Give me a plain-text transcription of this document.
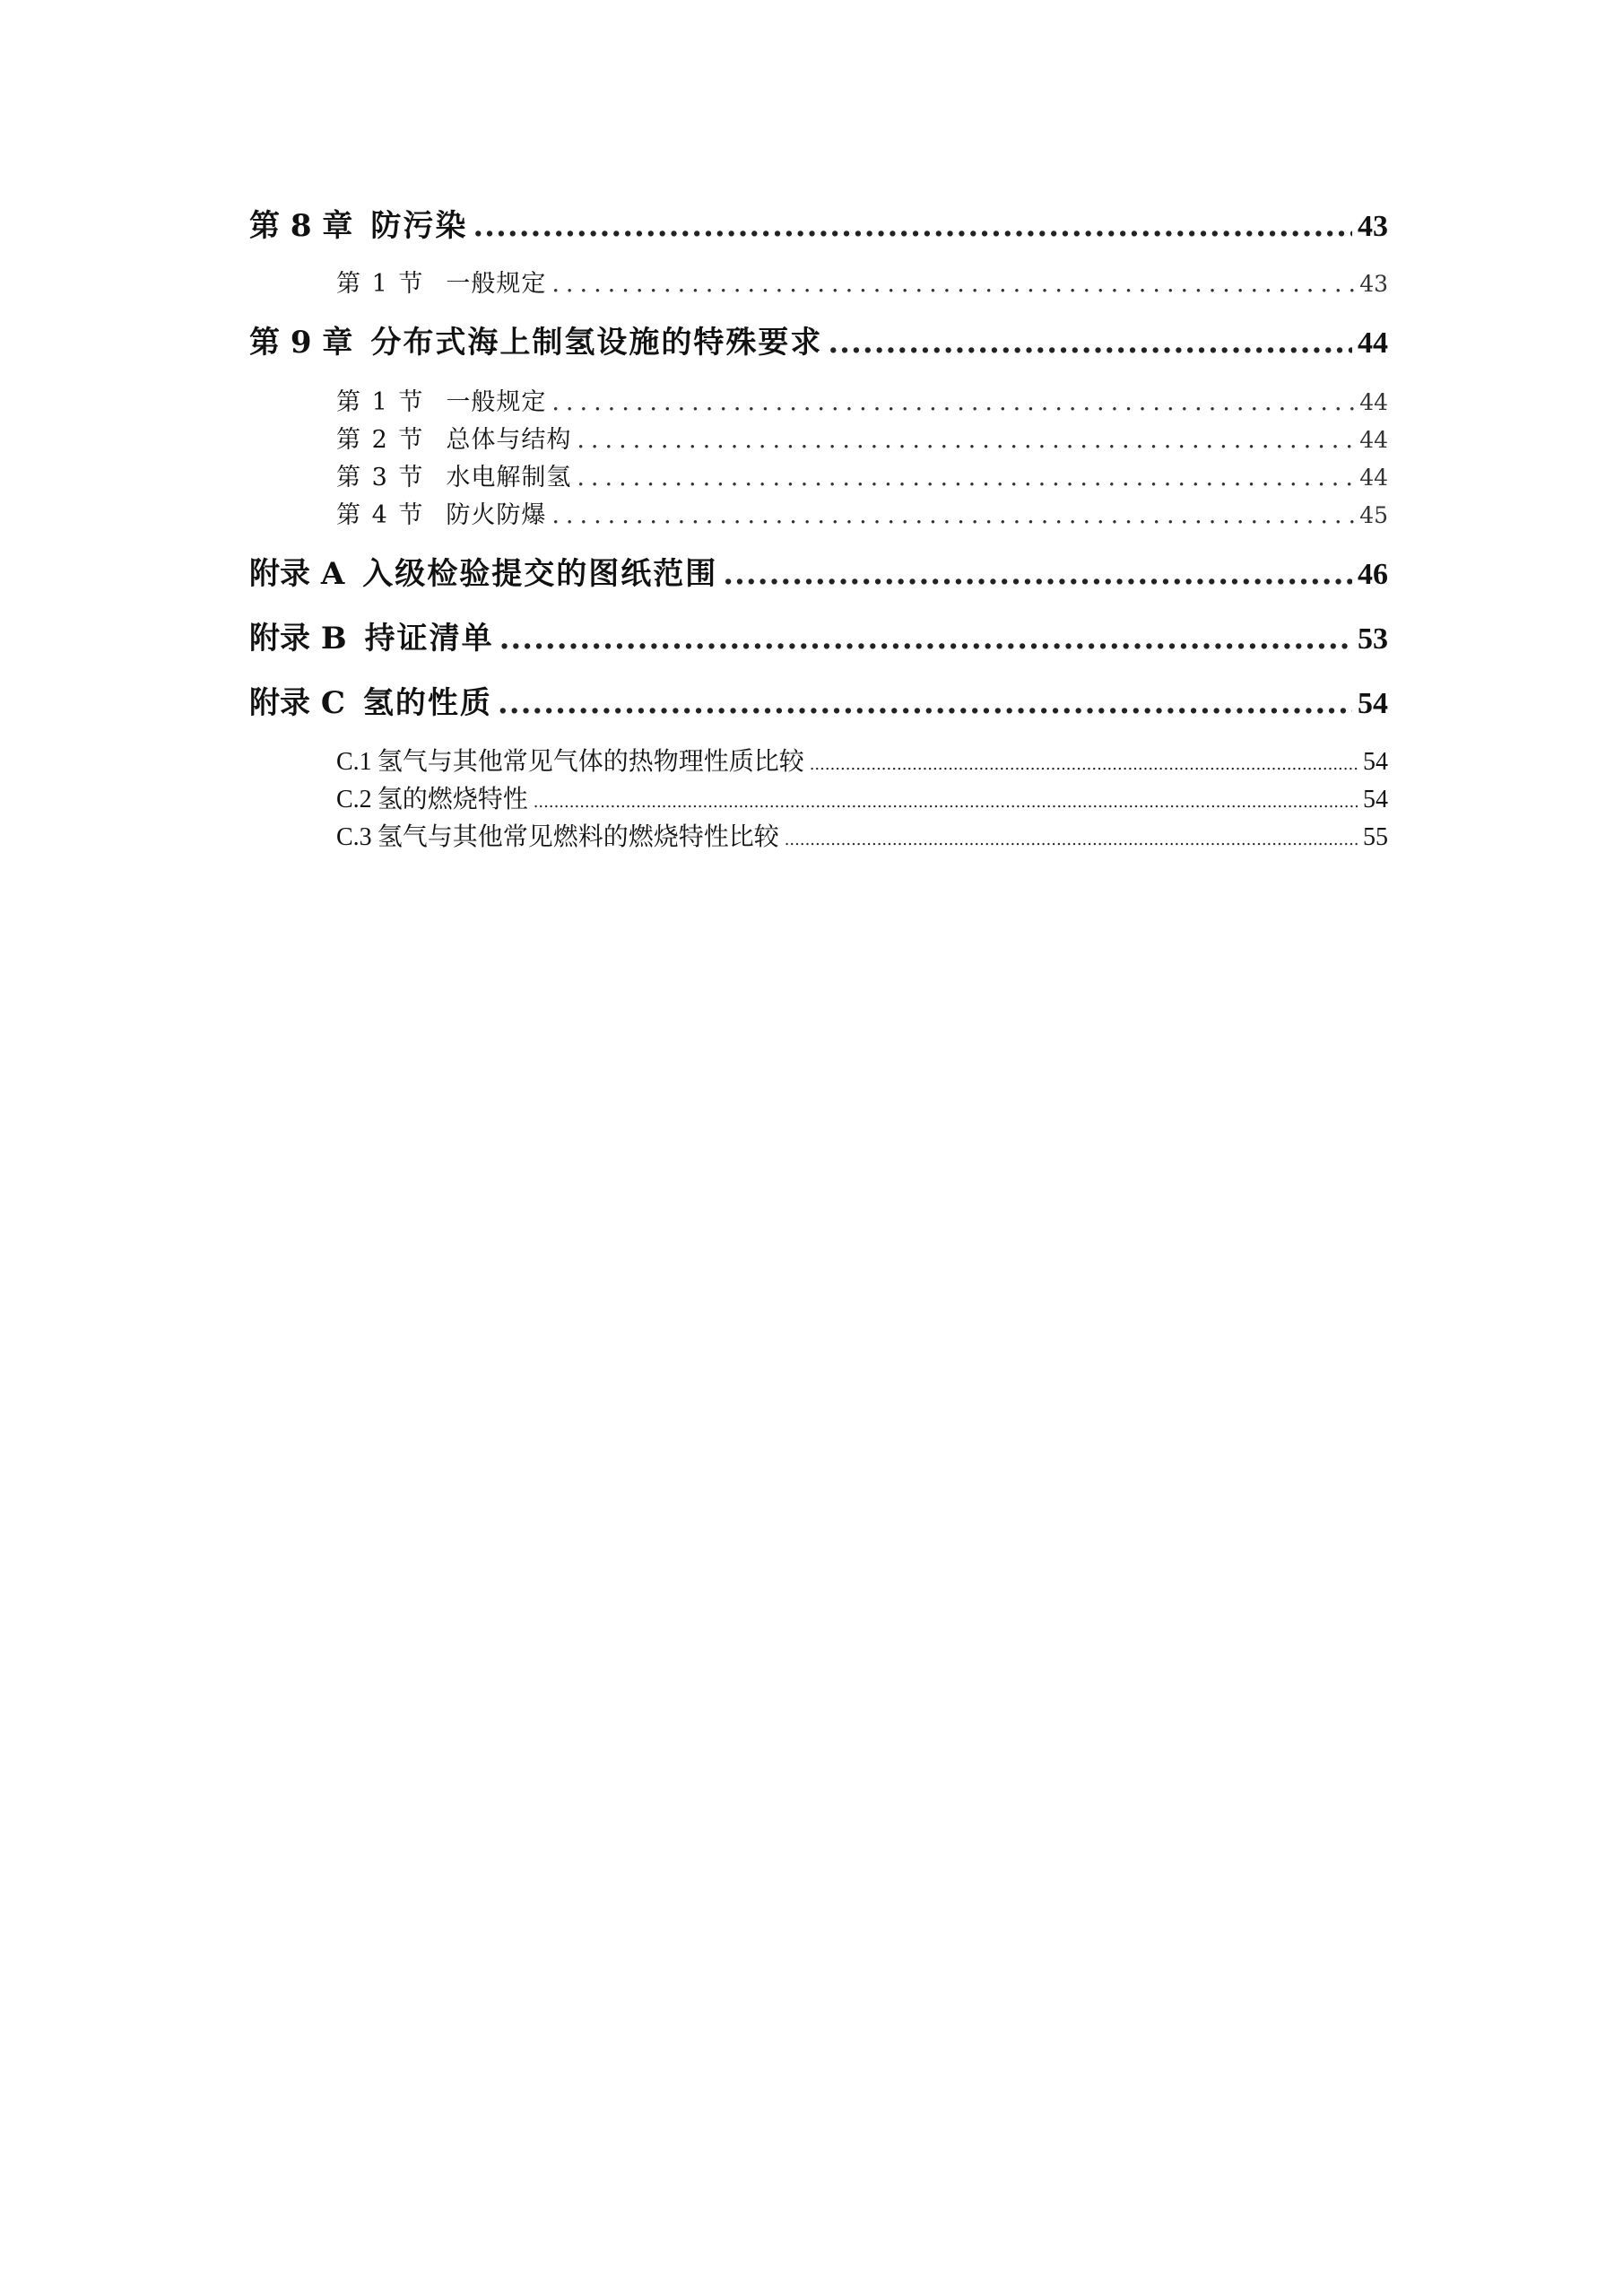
第 8 章 防污染 .....	43
第 1 节 一般规定 .....	43
第 9 章 分布式海上制氢设施的特殊要求 .....	44
第 1 节 一般规定 .....	44
第 2 节 总体与结构 .....	44
第 3 节 水电解制氢 .....	44
第 4 节 防火防爆 .....	45
附录 A 入级检验提交的图纸范围 .....	46
附录 B 持证清单 .....	53
附录 C 氢的性质 .....	54
C.1 氢气与其他常见气体的热物理性质比较 .....	54
C.2 氢的燃烧特性 .....	54
C.3 氢气与其他常见燃料的燃烧特性比较 .....	55
